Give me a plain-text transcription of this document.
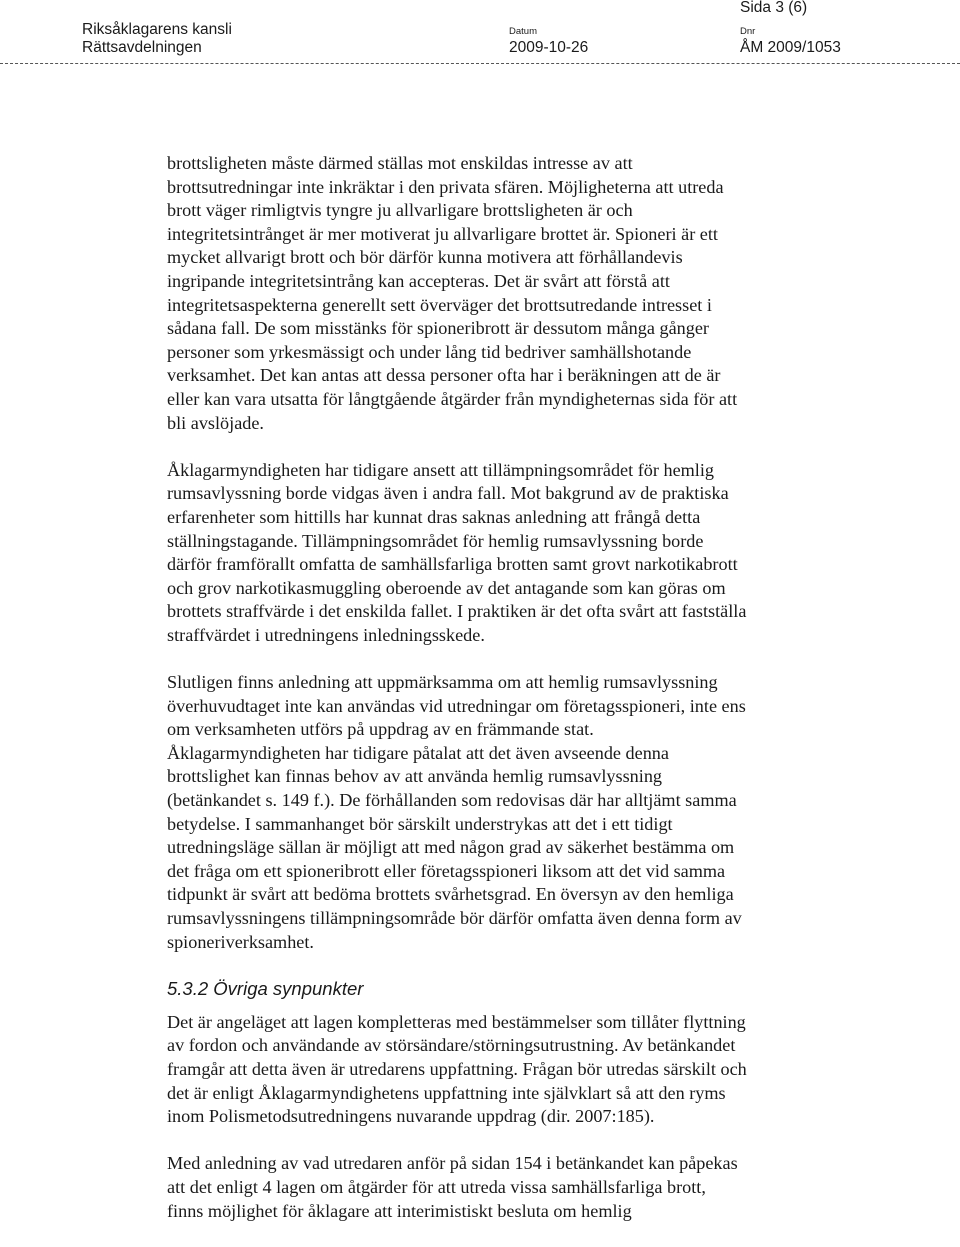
Riksåklagarens kansli
Rättsavdelningen
Datum
2009-10-26
Dnr
ÅM 2009/1053
Sida 3 (6)
brottsligheten måste därmed ställas mot enskildas intresse av att
brottsutredningar inte inkräktar i den privata sfären. Möjligheterna att utreda
brott väger rimligtvis tyngre ju allvarligare brottsligheten är och
integritetsintrånget är mer motiverat ju allvarligare brottet är. Spioneri är ett
mycket allvarigt brott och bör därför kunna motivera att förhållandevis
ingripande integritetsintrång kan accepteras. Det är svårt att förstå att
integritetsaspekterna generellt sett överväger det brottsutredande intresset i
sådana fall. De som misstänks för spioneribrott är dessutom många gånger
personer som yrkesmässigt och under lång tid bedriver samhällshotande
verksamhet. Det kan antas att dessa personer ofta har i beräkningen att de är
eller kan vara utsatta för långtgående åtgärder från myndigheternas sida för att
bli avslöjade.
Åklagarmyndigheten har tidigare ansett att tillämpningsområdet för hemlig
rumsavlyssning borde vidgas även i andra fall. Mot bakgrund av de praktiska
erfarenheter som hittills har kunnat dras saknas anledning att frångå detta
ställningstagande. Tillämpningsområdet för hemlig rumsavlyssning borde
därför framförallt omfatta de samhällsfarliga brotten samt grovt narkotikabrott
och grov narkotikasmuggling oberoende av det antagande som kan göras om
brottets straffvärde i det enskilda fallet. I praktiken är det ofta svårt att fastställa
straffvärdet i utredningens inledningsskede.
Slutligen finns anledning att uppmärksamma om att hemlig rumsavlyssning
överhuvudtaget inte kan användas vid utredningar om företagsspioneri, inte ens
om verksamheten utförs på uppdrag av en främmande stat.
Åklagarmyndigheten har tidigare påtalat att det även avseende denna
brottslighet kan finnas behov av att använda hemlig rumsavlyssning
(betänkandet s. 149 f.). De förhållanden som redovisas där har alltjämt samma
betydelse. I sammanhanget bör särskilt understrykas att det i ett tidigt
utredningsläge sällan är möjligt att med någon grad av säkerhet bestämma om
det fråga om ett spioneribrott eller företagsspioneri liksom att det vid samma
tidpunkt är svårt att bedöma brottets svårhetsgrad. En översyn av den hemliga
rumsavlyssningens tillämpningsområde bör därför omfatta även denna form av
spioneriverksamhet.
5.3.2 Övriga synpunkter
Det är angeläget att lagen kompletteras med bestämmelser som tillåter flyttning
av fordon och användande av störsändare/störningsutrustning. Av betänkandet
framgår att detta även är utredarens uppfattning. Frågan bör utredas särskilt och
det är enligt Åklagarmyndighetens uppfattning inte självklart så att den ryms
inom Polismetodsutredningens nuvarande uppdrag (dir. 2007:185).
Med anledning av vad utredaren anför på sidan 154 i betänkandet kan påpekas
att det enligt 4 lagen om åtgärder för att utreda vissa samhällsfarliga brott,
finns möjlighet för åklagare att interimistiskt besluta om hemlig
